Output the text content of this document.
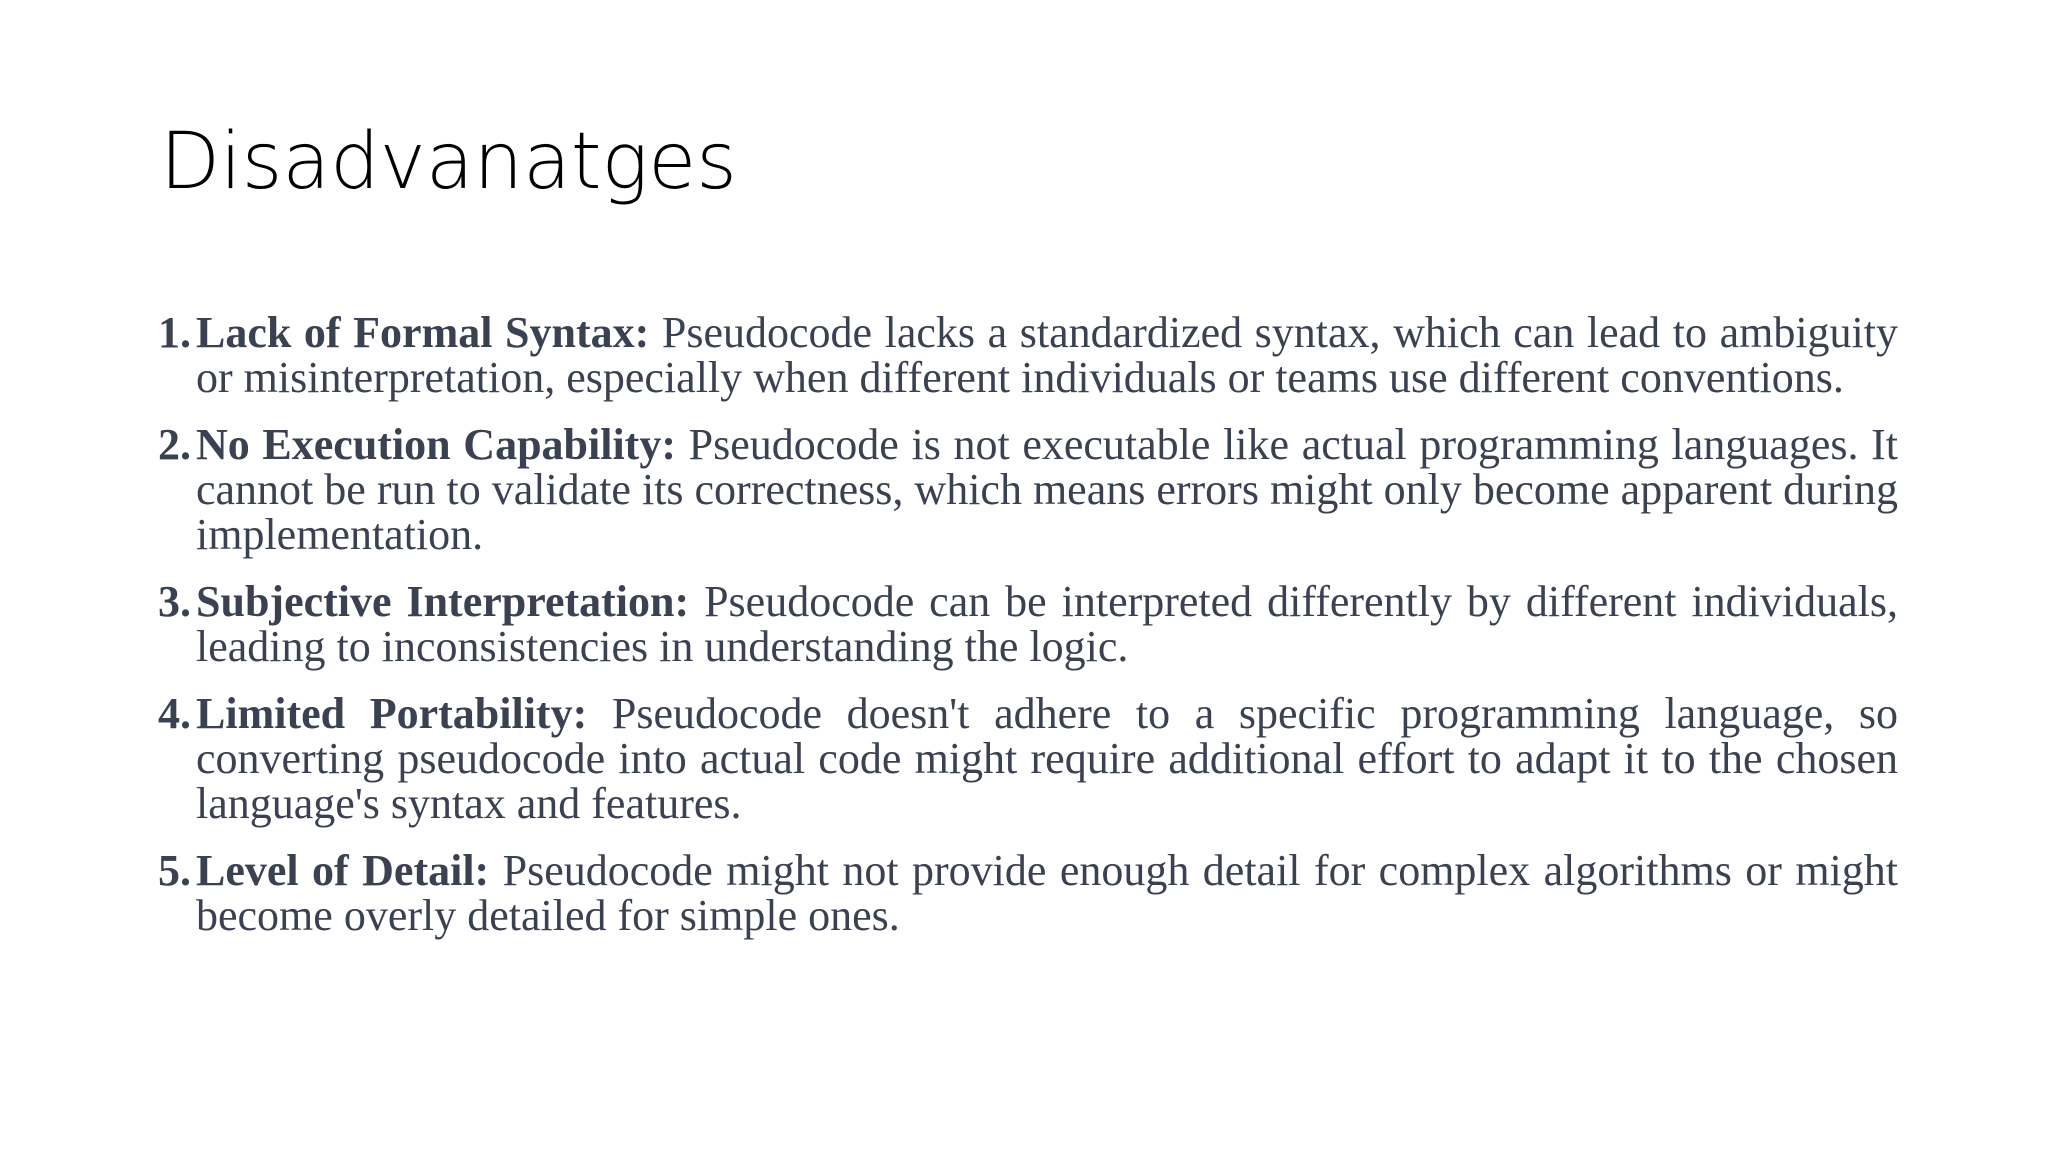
Disadvanatges
1. Lack of Formal Syntax: Pseudocode lacks a standardized syntax, which can lead to ambiguity or misinterpretation, especially when different individuals or teams use different conventions.
2. No Execution Capability: Pseudocode is not executable like actual programming languages. It cannot be run to validate its correctness, which means errors might only become apparent during implementation.
3. Subjective Interpretation: Pseudocode can be interpreted differently by different individuals, leading to inconsistencies in understanding the logic.
4. Limited Portability: Pseudocode doesn't adhere to a specific programming language, so converting pseudocode into actual code might require additional effort to adapt it to the chosen language's syntax and features.
5. Level of Detail: Pseudocode might not provide enough detail for complex algorithms or might become overly detailed for simple ones.
